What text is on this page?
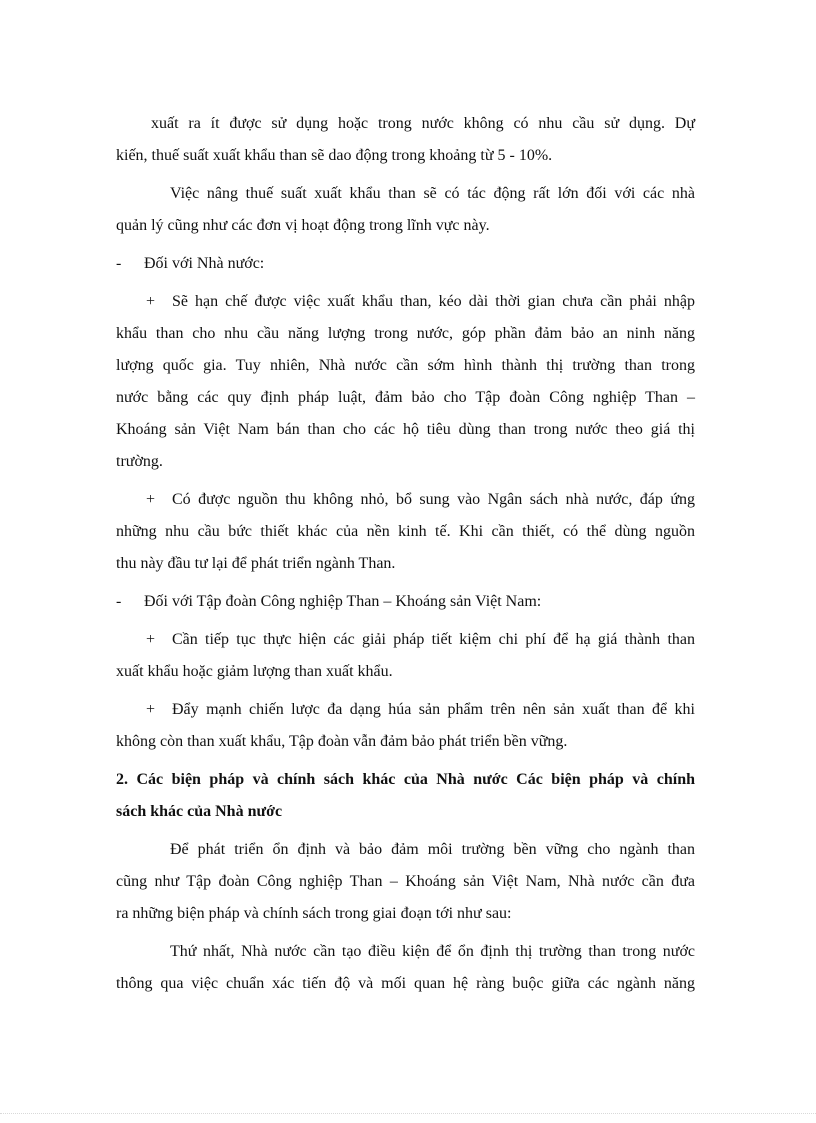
xuất ra ít được sử dụng hoặc trong nước không có nhu cầu sử dụng. Dự
kiến, thuế suất xuất khẩu than sẽ dao động trong khoảng từ 5 - 10%.
Việc nâng thuế suất xuất khẩu than sẽ có tác động rất lớn đối với các nhà
quản lý cũng như các đơn vị hoạt động trong lĩnh vực này.
- Đối với Nhà nước:
+ Sẽ hạn chế được việc xuất khẩu than, kéo dài thời gian chưa cần phải nhập
khẩu than cho nhu cầu năng lượng trong nước, góp phần đảm bảo an ninh năng
lượng quốc gia. Tuy nhiên, Nhà nước cần sớm hình thành thị trường than trong
nước bằng các quy định pháp luật, đảm bảo cho Tập đoàn Công nghiệp Than –
Khoáng sản Việt Nam bán than cho các hộ tiêu dùng than trong nước theo giá thị
trường.
+ Có được nguồn thu không nhỏ, bổ sung vào Ngân sách nhà nước, đáp ứng
những nhu cầu bức thiết khác của nền kinh tế. Khi cần thiết, có thể dùng nguồn
thu này đầu tư lại để phát triển ngành Than.
- Đối với Tập đoàn Công nghiệp Than – Khoáng sản Việt Nam:
+ Cần tiếp tục thực hiện các giải pháp tiết kiệm chi phí để hạ giá thành than
xuất khẩu hoặc giảm lượng than xuất khẩu.
+ Đẩy mạnh chiến lược đa dạng húa sản phẩm trên nên sản xuất than để khi
không còn than xuất khẩu, Tập đoàn vẫn đảm bảo phát triển bền vững.
2. Các biện pháp và chính sách khác của Nhà nước Các biện pháp và chính
sách khác của Nhà nước
Để phát triển ổn định và bảo đảm môi trường bền vững cho ngành than
cũng như Tập đoàn Công nghiệp Than – Khoáng sản Việt Nam, Nhà nước cần đưa
ra những biện pháp và chính sách trong giai đoạn tới như sau:
Thứ nhất, Nhà nước cần tạo điều kiện để ổn định thị trường than trong nước
thông qua việc chuẩn xác tiến độ và mối quan hệ ràng buộc giữa các ngành năng
